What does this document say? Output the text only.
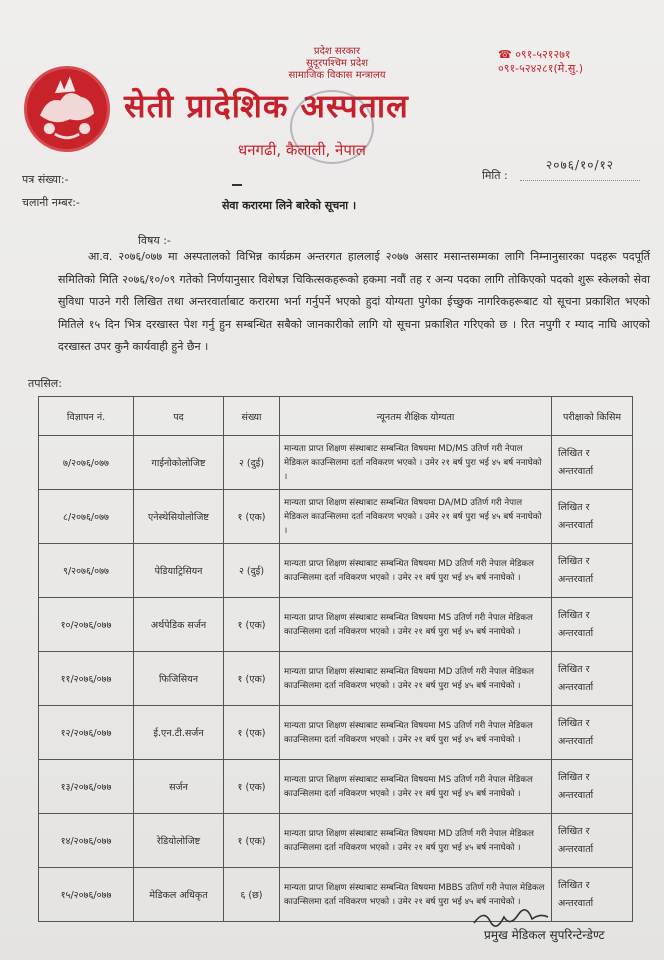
प्रदेश सरकार
सुदूरपश्चिम प्रदेश
सामाजिक विकास मन्त्रालय
☎ ०९१-५२१२७१
०९१-५२४२८१(मे.सु.)
सेती प्रादेशिक अस्पताल
धनगढी, कैलाली, नेपाल
पत्र संख्या:-
चलानी नम्बर:-
मिति :
२०७६/१०/१२
सेवा करारमा लिने बारेको सूचना ।
विषय :-

आ.व. २०७६/०७७ मा अस्पतालको विभिन्न कार्यक्रम अन्तरगत हाललाई २०७७ असार मसान्तसम्मका लागि निम्नानुसारका पदहरू पदपूर्ति समितिको मिति २०७६/१०/०९ गतेको निर्णयानुसार विशेषज्ञ चिकित्सकहरूको हकमा नवौं तह र अन्य पदका लागि तोकिएको पदको शुरू स्केलको सेवा सुविधा पाउने गरी लिखित तथा अन्तरवार्ताबाट करारमा भर्ना गर्नुपर्ने भएको हुदां योग्यता पुगेका ईच्छुक नागरिकहरूबाट यो सूचना प्रकाशित भएको मितिले १५ दिन भित्र दरखास्त पेश गर्नु हुन सम्बन्धित सबैको जानकारीको लागि यो सूचना प्रकाशित गरिएको छ । रित नपुगी र म्याद नाघि आएको दरखास्त उपर कुनै कार्यवाही हुने छैन ।

तपसिल:
विज्ञापन नं.	पद	संख्या	न्यूनतम शैक्षिक योग्यता	परीक्षाको किसिम
७/२०७६/०७७	गाईनोकोलोजिष्ट	२ (दुई)	मान्यता प्राप्त शिक्षण संस्थाबाट सम्बन्धित विषयमा MD/MS उतिर्ण गरी नेपाल मेडिकल काउन्सिलमा दर्ता नविकरण भएको । उमेर २१ बर्ष पुरा भई ४५ बर्ष ननाघेको ।	लिखित र अन्तरवार्ता
८/२०७६/०७७	एनेस्थेसियोलोजिष्ट	१ (एक)	मान्यता प्राप्त शिक्षण संस्थाबाट सम्बन्धित विषयमा DA/MD उतिर्ण गरी नेपाल मेडिकल काउन्सिलमा दर्ता नविकरण भएको । उमेर २१ बर्ष पुरा भई ४५ बर्ष ननाघेको ।	लिखित र अन्तरवार्ता
९/२०७६/०७७	पेडियाट्रिसियन	२ (दुई)	मान्यता प्राप्त शिक्षण संस्थाबाट सम्बन्धित विषयमा MD उतिर्ण गरी नेपाल मेडिकल काउन्सिलमा दर्ता नविकरण भएको । उमेर २१ बर्ष पुरा भई ४५ बर्ष ननाघेको ।	लिखित र अन्तरवार्ता
१०/२०७६/०७७	अर्थपेडिक सर्जन	१ (एक)	मान्यता प्राप्त शिक्षण संस्थाबाट सम्बन्धित विषयमा MS उतिर्ण गरी नेपाल मेडिकल काउन्सिलमा दर्ता नविकरण भएको । उमेर २१ बर्ष पुरा भई ४५ बर्ष ननाघेको ।	लिखित र अन्तरवार्ता
११/२०७६/०७७	फिजिसियन	१ (एक)	मान्यता प्राप्त शिक्षण संस्थाबाट सम्बन्धित विषयमा MD उतिर्ण गरी नेपाल मेडिकल काउन्सिलमा दर्ता नविकरण भएको । उमेर २१ बर्ष पुरा भई ४५ बर्ष ननाघेको ।	लिखित र अन्तरवार्ता
१२/२०७६/०७७	ई.एन.टी.सर्जन	१ (एक)	मान्यता प्राप्त शिक्षण संस्थाबाट सम्बन्धित विषयमा MS उतिर्ण गरी नेपाल मेडिकल काउन्सिलमा दर्ता नविकरण भएको । उमेर २१ बर्ष पुरा भई ४५ बर्ष ननाघेको ।	लिखित र अन्तरवार्ता
१३/२०७६/०७७	सर्जन	१ (एक)	मान्यता प्राप्त शिक्षण संस्थाबाट सम्बन्धित विषयमा MS उतिर्ण गरी नेपाल मेडिकल काउन्सिलमा दर्ता नविकरण भएको । उमेर २१ बर्ष पुरा भई ४५ बर्ष ननाघेको ।	लिखित र अन्तरवार्ता
१४/२०७६/०७७	रेडियोलोजिष्ट	१ (एक)	मान्यता प्राप्त शिक्षण संस्थाबाट सम्बन्धित विषयमा MD उतिर्ण गरी नेपाल मेडिकल काउन्सिलमा दर्ता नविकरण भएको । उमेर २१ बर्ष पुरा भई ४५ बर्ष ननाघेको ।	लिखित र अन्तरवार्ता
१५/२०७६/०७७	मेडिकल अधिकृत	६ (छ)	मान्यता प्राप्त शिक्षण संस्थाबाट सम्बन्धित विषयमा MBBS उतिर्ण गरी नेपाल मेडिकल काउन्सिलमा दर्ता नविकरण भएको । उमेर २१ बर्ष पुरा भई ४५ बर्ष ननाघेको ।	लिखित र अन्तरवार्ता
प्रमुख मेडिकल सुपरिन्टेन्डेण्ट
